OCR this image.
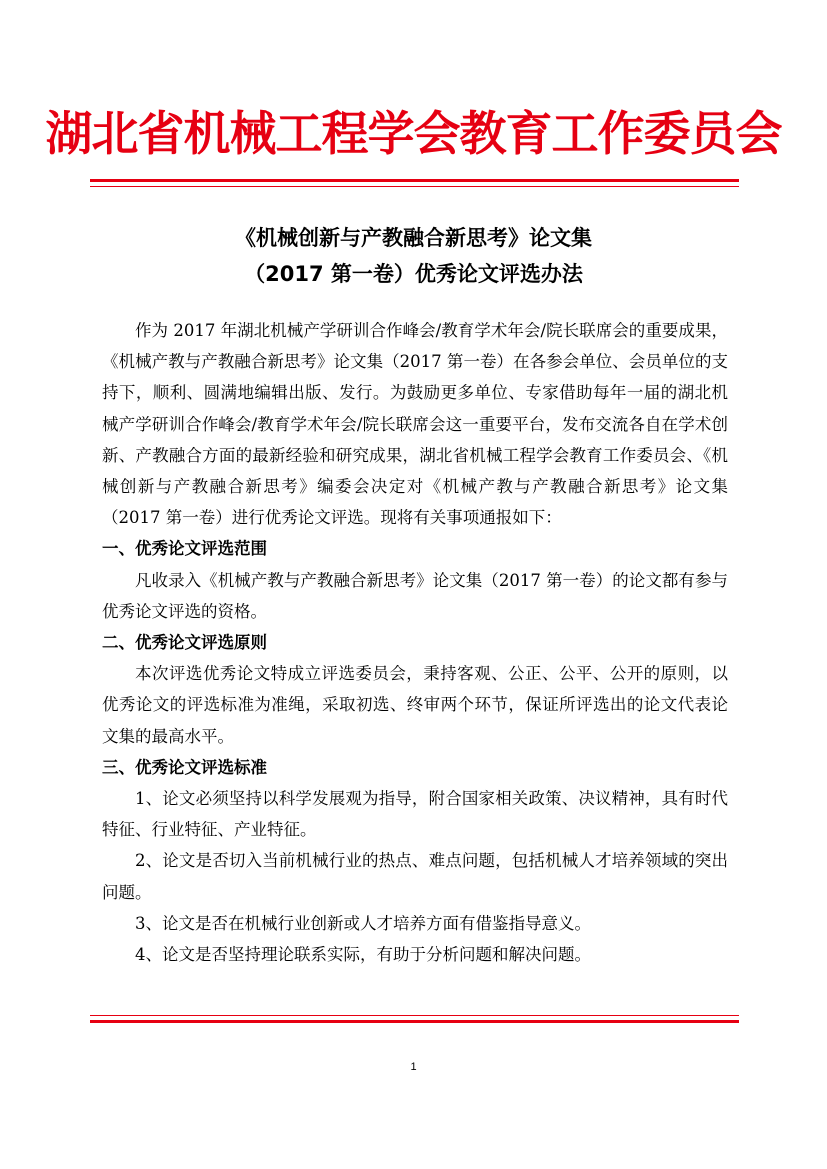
湖北省机械工程学会教育工作委员会
《机械创新与产教融合新思考》论文集
（2017 第一卷）优秀论文评选办法

作为 2017 年湖北机械产学研训合作峰会/教育学术年会/院长联席会的重要成果，《机械产教与产教融合新思考》论文集（2017 第一卷）在各参会单位、会员单位的支持下，顺利、圆满地编辑出版、发行。为鼓励更多单位、专家借助每年一届的湖北机械产学研训合作峰会/教育学术年会/院长联席会这一重要平台，发布交流各自在学术创新、产教融合方面的最新经验和研究成果，湖北省机械工程学会教育工作委员会、《机械创新与产教融合新思考》编委会决定对《机械产教与产教融合新思考》论文集（2017 第一卷）进行优秀论文评选。现将有关事项通报如下：

一、优秀论文评选范围

凡收录入《机械产教与产教融合新思考》论文集（2017 第一卷）的论文都有参与优秀论文评选的资格。

二、优秀论文评选原则

本次评选优秀论文特成立评选委员会，秉持客观、公正、公平、公开的原则，以优秀论文的评选标准为准绳，采取初选、终审两个环节，保证所评选出的论文代表论文集的最高水平。

三、优秀论文评选标准

1、论文必须坚持以科学发展观为指导，附合国家相关政策、决议精神，具有时代特征、行业特征、产业特征。

2、论文是否切入当前机械行业的热点、难点问题，包括机械人才培养领域的突出问题。

3、论文是否在机械行业创新或人才培养方面有借鉴指导意义。

4、论文是否坚持理论联系实际，有助于分析问题和解决问题。

1
